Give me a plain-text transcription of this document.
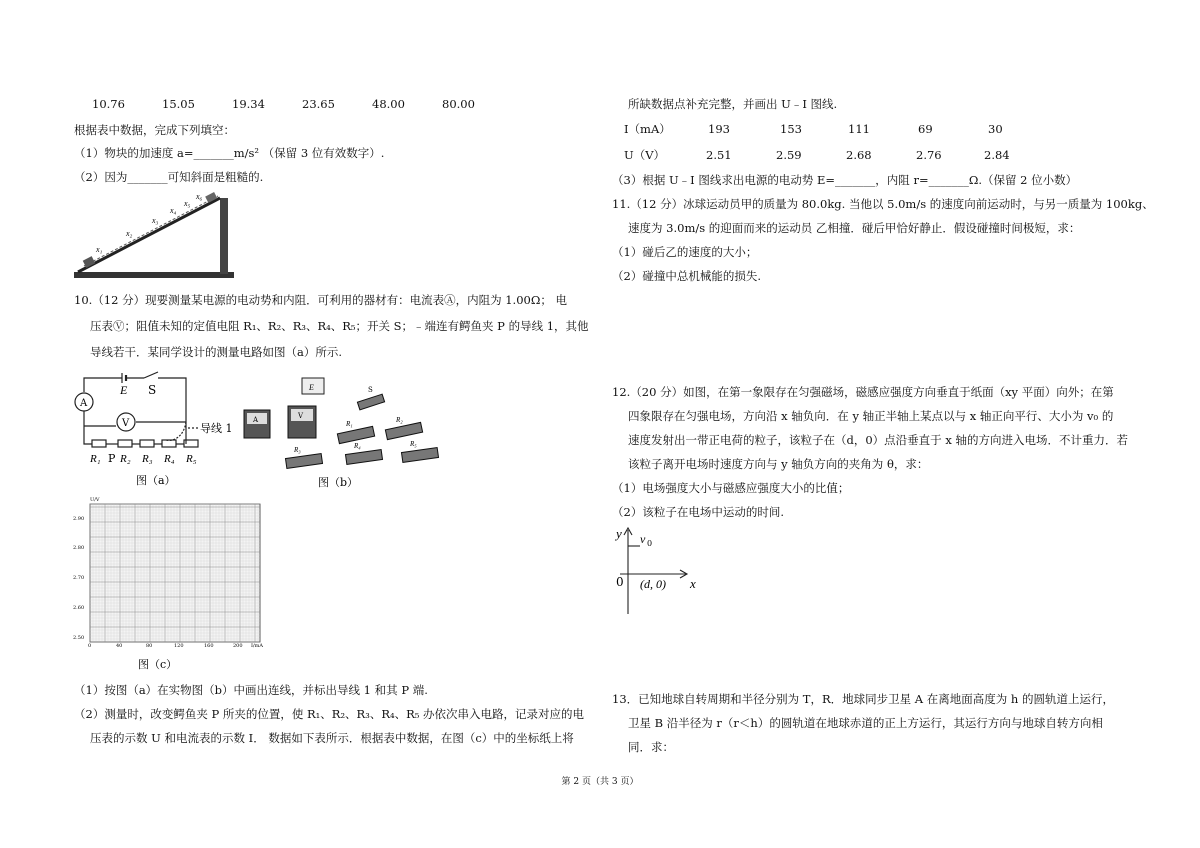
10.76	15.05	19.34	23.65	48.00	80.00
根据表中数据，完成下列填空：
（1）物块的加速度 a=_______m/s² （保留 3 位有效数字）.
（2）因为_______可知斜面是粗糙的.
x₁
x₂
x₃
x₄
x₅
x₆
10.（12 分）现要测量某电源的电动势和内阻．可利用的器材有：电流表Ⓐ，内阻为 1.00Ω； 电
压表Ⓥ；阻值未知的定值电阻 R₁、R₂、R₃、R₄、R₅；开关 S；﹣端连有鳄鱼夹 P 的导线 1，其他
导线若干．某同学设计的测量电路如图（a）所示.
E S
A
V	导线 1
R₁ P R₂ R₃ R₄ R₅
图（a）
E
A	V
S
R₁	R₂
R₃	R₄	R₅
图（b）
U/V
I/mA
2.90
2.80
2.70
2.60
2.50
0	40	80	120	160	200
图（c）
（1）按图（a）在实物图（b）中画出连线，并标出导线 1 和其 P 端.
（2）测量时，改变鳄鱼夹 P 所夹的位置，使 R₁、R₂、R₃、R₄、R₅ 办依次串入电路，记录对应的电
压表的示数 U 和电流表的示数 I． 数据如下表所示．根据表中数据，在图（c）中的坐标纸上将
所缺数据点补充完整，并画出 U﹣I 图线.
I（mA）	193	153	111	69	30
U（V）	2.51	2.59	2.68	2.76	2.84
（3）根据 U﹣I 图线求出电源的电动势 E=_______，内阻 r=_______Ω.（保留 2 位小数）
11.（12 分）冰球运动员甲的质量为 80.0kg. 当他以 5.0m/s 的速度向前运动时，与另一质量为 100kg、
速度为 3.0m/s 的迎面而来的运动员 乙相撞．碰后甲恰好静止．假设碰撞时间极短，求：
（1）碰后乙的速度的大小；
（2）碰撞中总机械能的损失.
12.（20 分）如图，在第一象限存在匀强磁场，磁感应强度方向垂直于纸面（xy 平面）向外；在第
四象限存在匀强电场，方向沿 x 轴负向．在 y 轴正半轴上某点以与 x 轴正向平行、大小为 v₀ 的
速度发射出一带正电荷的粒子，该粒子在（d，0）点沿垂直于 x 轴的方向进入电场．不计重力．若
该粒子离开电场时速度方向与 y 轴负方向的夹角为 θ，求：
（1）电场强度大小与磁感应强度大小的比值；
（2）该粒子在电场中运动的时间.
y v 0
0 (d, 0) x
13．已知地球自转周期和半径分别为 T，R．地球同步卫星 A 在离地面高度为 h 的圆轨道上运行，
卫星 B 沿半径为 r（r＜h）的圆轨道在地球赤道的正上方运行，其运行方向与地球自转方向相
同．求：
第 2 页（共 3 页）
